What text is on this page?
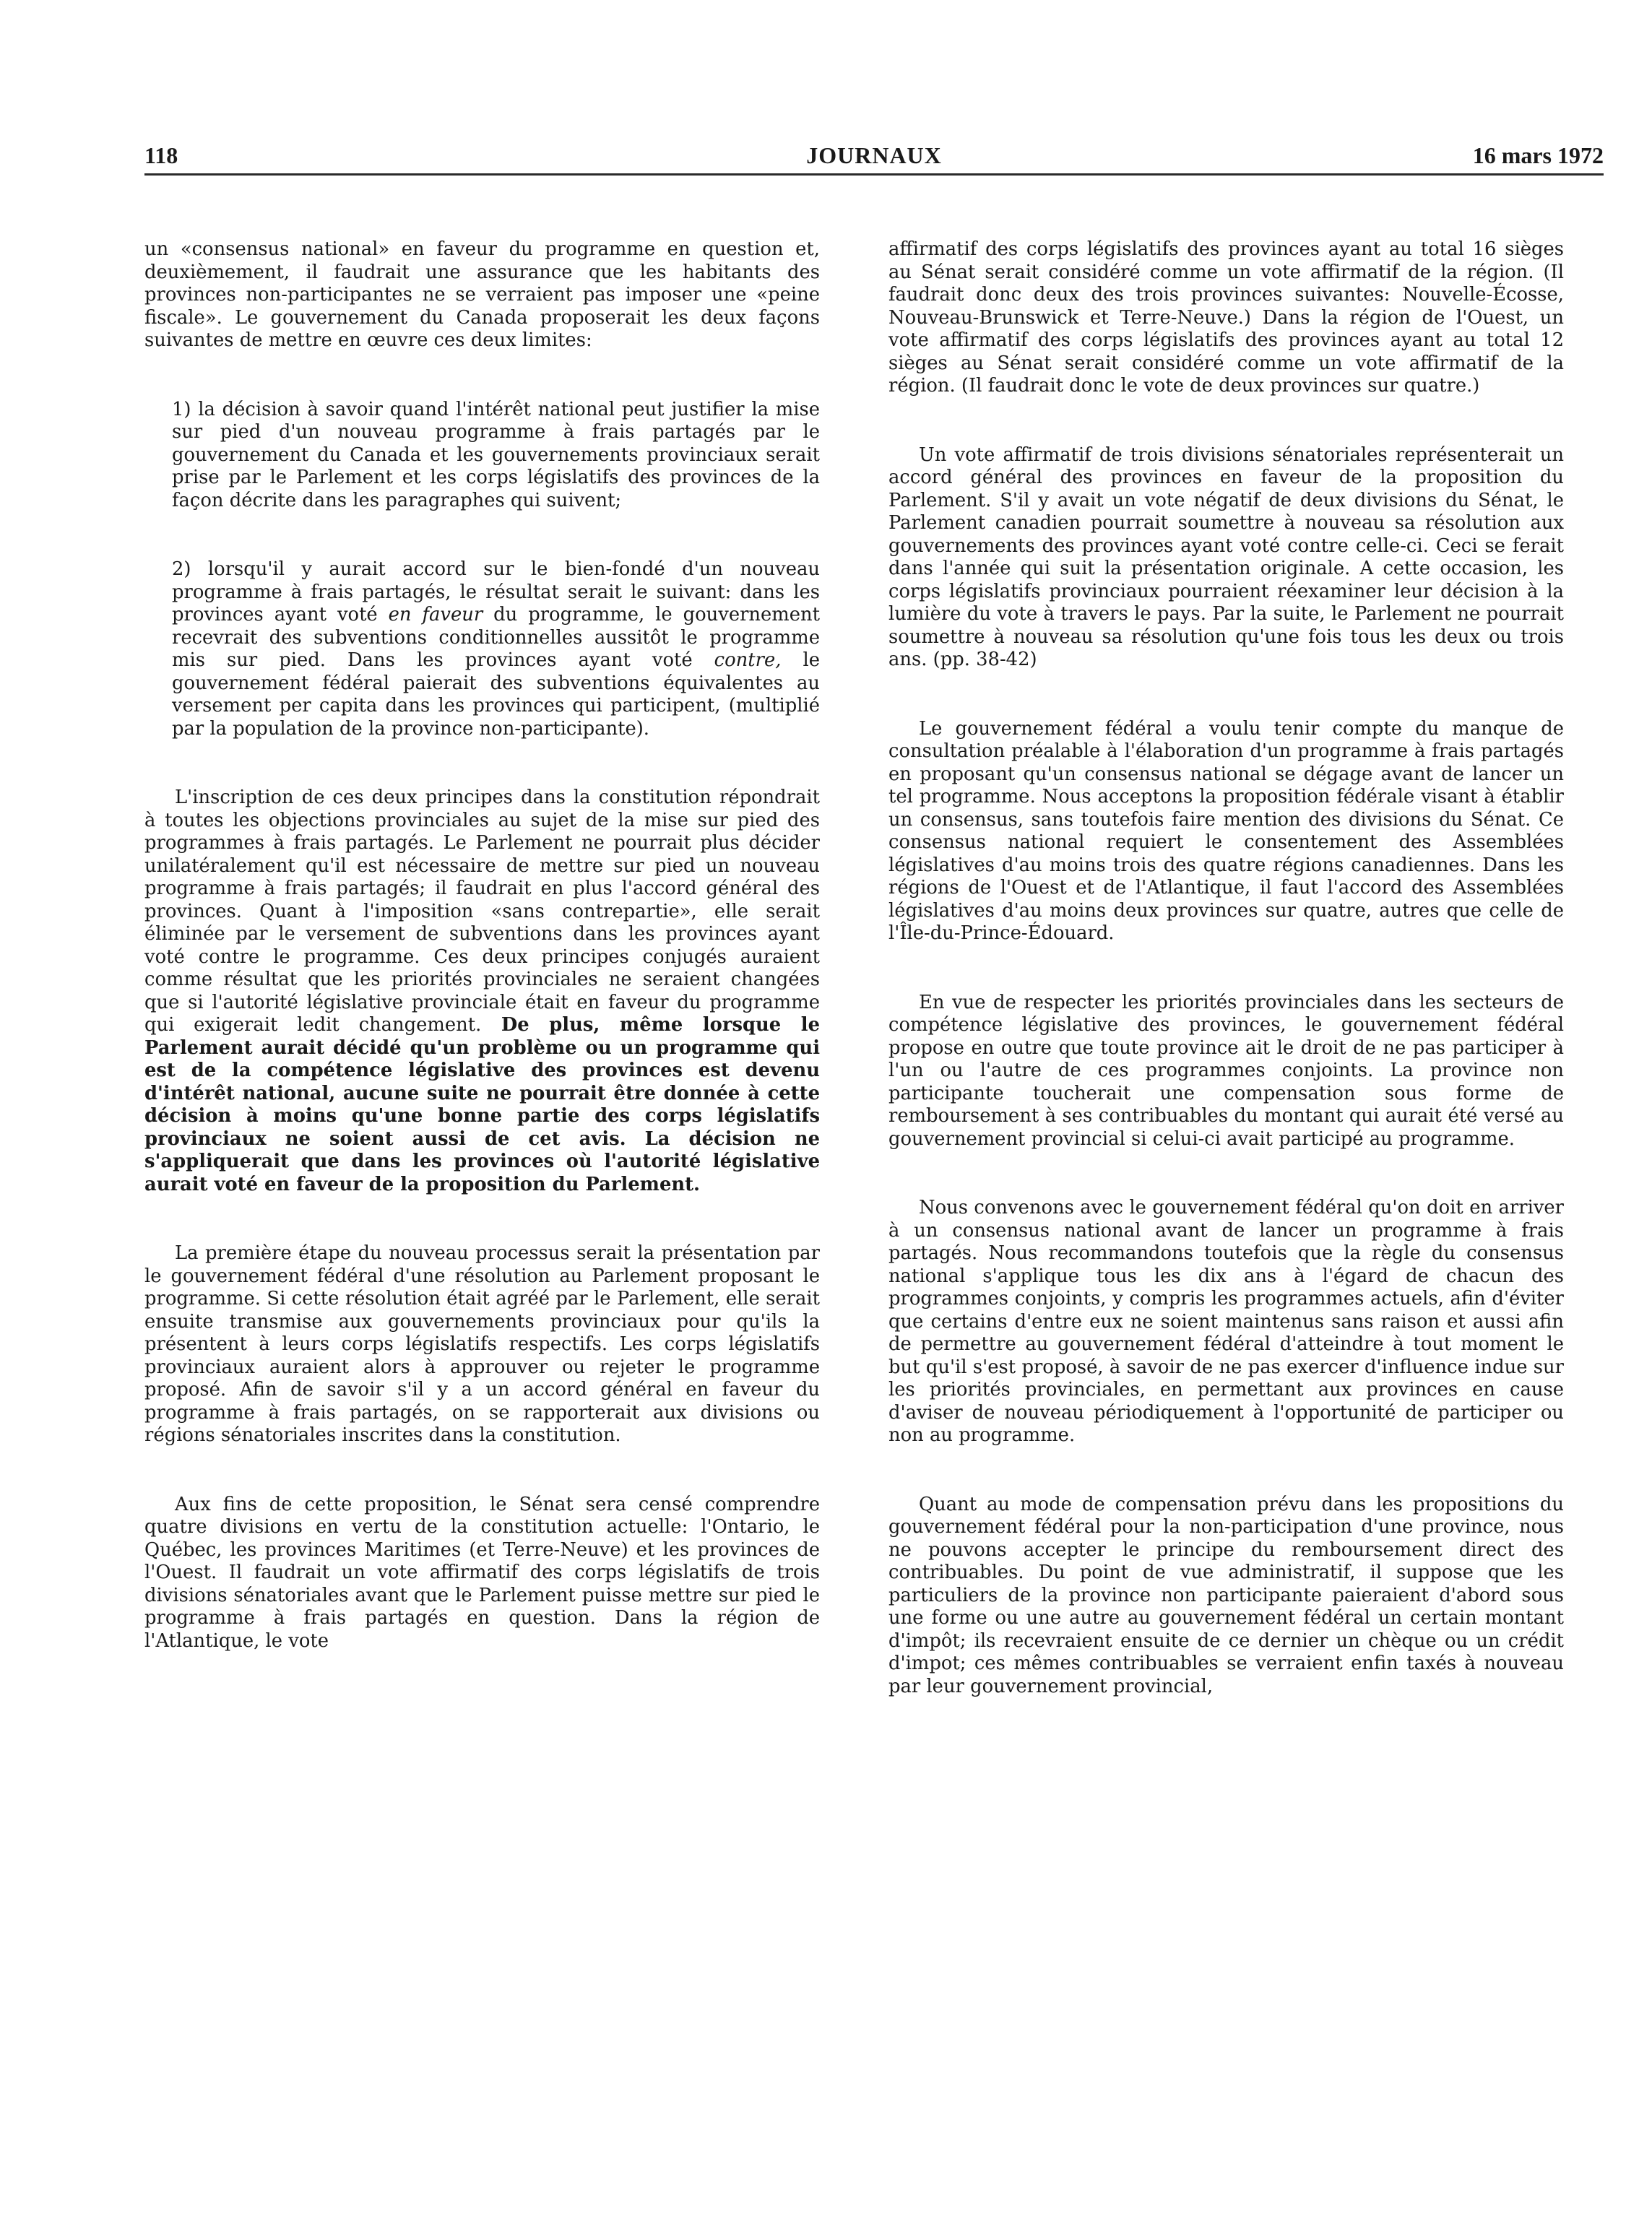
118	JOURNAUX	16 mars 1972

un «consensus national» en faveur du programme en question et, deuxièmement, il faudrait une assurance que les habitants des provinces non-participantes ne se verraient pas imposer une «peine fiscale». Le gouvernement du Canada proposerait les deux façons suivantes de mettre en œuvre ces deux limites:

1) la décision à savoir quand l'intérêt national peut justifier la mise sur pied d'un nouveau programme à frais partagés par le gouvernement du Canada et les gouvernements provinciaux serait prise par le Parlement et les corps législatifs des provinces de la façon décrite dans les paragraphes qui suivent;

2) lorsqu'il y aurait accord sur le bien-fondé d'un nouveau programme à frais partagés, le résultat serait le suivant: dans les provinces ayant voté en faveur du programme, le gouvernement recevrait des subventions conditionnelles aussitôt le programme mis sur pied. Dans les provinces ayant voté contre, le gouvernement fédéral paierait des subventions équivalentes au versement per capita dans les provinces qui participent, (multiplié par la population de la province non-participante).

L'inscription de ces deux principes dans la constitution répondrait à toutes les objections provinciales au sujet de la mise sur pied des programmes à frais partagés. Le Parlement ne pourrait plus décider unilatéralement qu'il est nécessaire de mettre sur pied un nouveau programme à frais partagés; il faudrait en plus l'accord général des provinces. Quant à l'imposition «sans contrepartie», elle serait éliminée par le versement de subventions dans les provinces ayant voté contre le programme. Ces deux principes conjugés auraient comme résultat que les priorités provinciales ne seraient changées que si l'autorité législative provinciale était en faveur du programme qui exigerait ledit changement. De plus, même lorsque le Parlement aurait décidé qu'un problème ou un programme qui est de la compétence législative des provinces est devenu d'intérêt national, aucune suite ne pourrait être donnée à cette décision à moins qu'une bonne partie des corps législatifs provinciaux ne soient aussi de cet avis. La décision ne s'appliquerait que dans les provinces où l'autorité législative aurait voté en faveur de la proposition du Parlement.

La première étape du nouveau processus serait la présentation par le gouvernement fédéral d'une résolution au Parlement proposant le programme. Si cette résolution était agréé par le Parlement, elle serait ensuite transmise aux gouvernements provinciaux pour qu'ils la présentent à leurs corps législatifs respectifs. Les corps législatifs provinciaux auraient alors à approuver ou rejeter le programme proposé. Afin de savoir s'il y a un accord général en faveur du programme à frais partagés, on se rapporterait aux divisions ou régions sénatoriales inscrites dans la constitution.

Aux fins de cette proposition, le Sénat sera censé comprendre quatre divisions en vertu de la constitution actuelle: l'Ontario, le Québec, les provinces Maritimes (et Terre-Neuve) et les provinces de l'Ouest. Il faudrait un vote affirmatif des corps législatifs de trois divisions sénatoriales avant que le Parlement puisse mettre sur pied le programme à frais partagés en question. Dans la région de l'Atlantique, le vote

affirmatif des corps législatifs des provinces ayant au total 16 sièges au Sénat serait considéré comme un vote affirmatif de la région. (Il faudrait donc deux des trois provinces suivantes: Nouvelle-Écosse, Nouveau-Brunswick et Terre-Neuve.) Dans la région de l'Ouest, un vote affirmatif des corps législatifs des provinces ayant au total 12 sièges au Sénat serait considéré comme un vote affirmatif de la région. (Il faudrait donc le vote de deux provinces sur quatre.)

Un vote affirmatif de trois divisions sénatoriales représenterait un accord général des provinces en faveur de la proposition du Parlement. S'il y avait un vote négatif de deux divisions du Sénat, le Parlement canadien pourrait soumettre à nouveau sa résolution aux gouvernements des provinces ayant voté contre celle-ci. Ceci se ferait dans l'année qui suit la présentation originale. A cette occasion, les corps législatifs provinciaux pourraient réexaminer leur décision à la lumière du vote à travers le pays. Par la suite, le Parlement ne pourrait soumettre à nouveau sa résolution qu'une fois tous les deux ou trois ans. (pp. 38-42)

Le gouvernement fédéral a voulu tenir compte du manque de consultation préalable à l'élaboration d'un programme à frais partagés en proposant qu'un consensus national se dégage avant de lancer un tel programme. Nous acceptons la proposition fédérale visant à établir un consensus, sans toutefois faire mention des divisions du Sénat. Ce consensus national requiert le consentement des Assemblées législatives d'au moins trois des quatre régions canadiennes. Dans les régions de l'Ouest et de l'Atlantique, il faut l'accord des Assemblées législatives d'au moins deux provinces sur quatre, autres que celle de l'Île-du-Prince-Édouard.

En vue de respecter les priorités provinciales dans les secteurs de compétence législative des provinces, le gouvernement fédéral propose en outre que toute province ait le droit de ne pas participer à l'un ou l'autre de ces programmes conjoints. La province non participante toucherait une compensation sous forme de remboursement à ses contribuables du montant qui aurait été versé au gouvernement provincial si celui-ci avait participé au programme.

Nous convenons avec le gouvernement fédéral qu'on doit en arriver à un consensus national avant de lancer un programme à frais partagés. Nous recommandons toutefois que la règle du consensus national s'applique tous les dix ans à l'égard de chacun des programmes conjoints, y compris les programmes actuels, afin d'éviter que certains d'entre eux ne soient maintenus sans raison et aussi afin de permettre au gouvernement fédéral d'atteindre à tout moment le but qu'il s'est proposé, à savoir de ne pas exercer d'influence indue sur les priorités provinciales, en permettant aux provinces en cause d'aviser de nouveau périodiquement à l'opportunité de participer ou non au programme.

Quant au mode de compensation prévu dans les propositions du gouvernement fédéral pour la non-participation d'une province, nous ne pouvons accepter le principe du remboursement direct des contribuables. Du point de vue administratif, il suppose que les particuliers de la province non participante paieraient d'abord sous une forme ou une autre au gouvernement fédéral un certain montant d'impôt; ils recevraient ensuite de ce dernier un chèque ou un crédit d'impot; ces mêmes contribuables se verraient enfin taxés à nouveau par leur gouvernement provincial,
